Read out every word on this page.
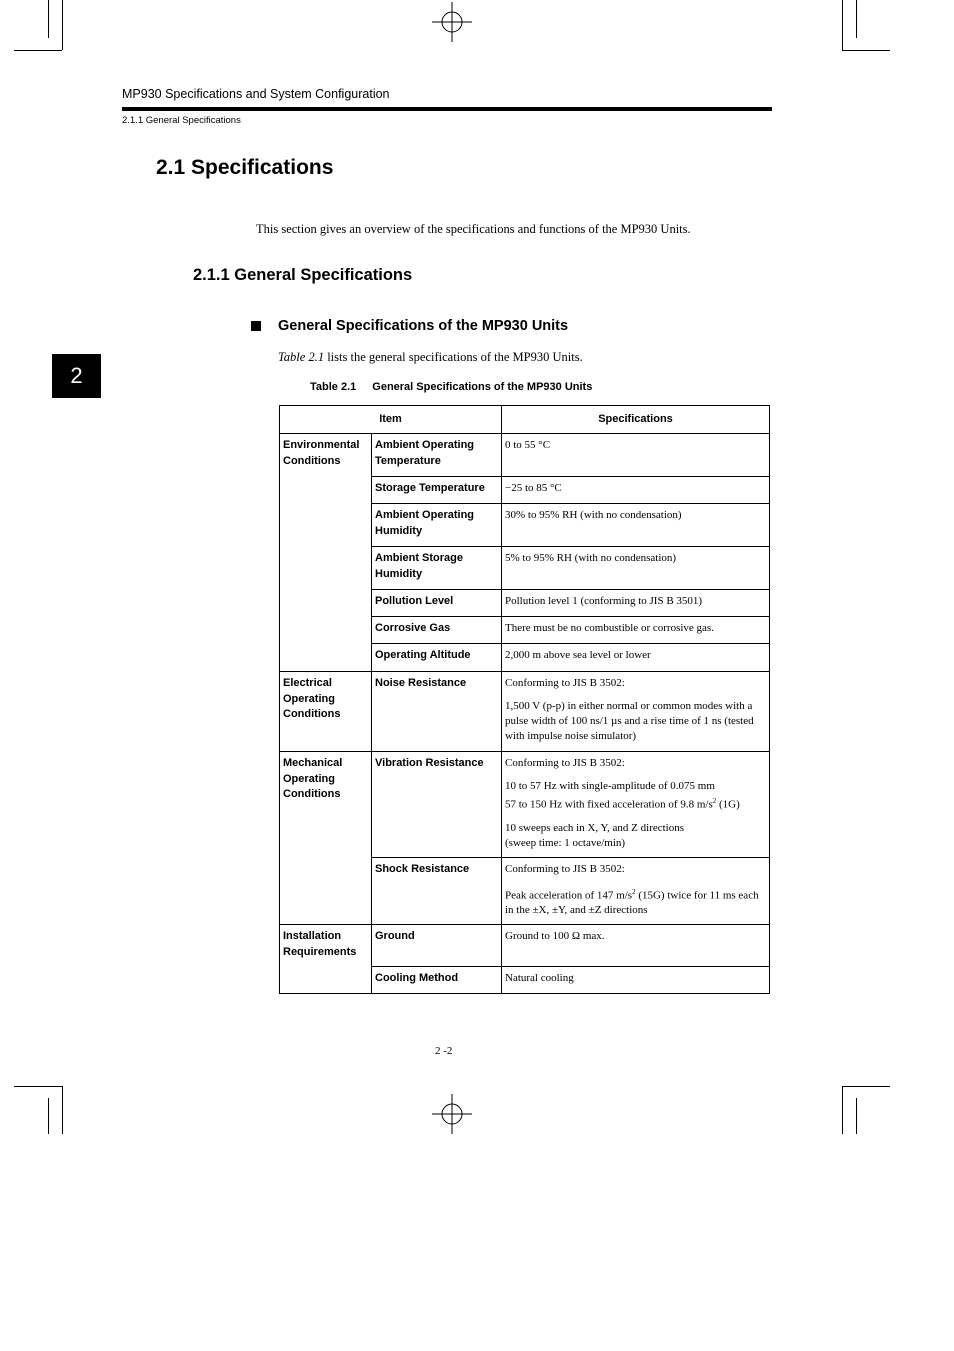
MP930 Specifications and System Configuration
2.1.1 General Specifications
2
2.1 Specifications
This section gives an overview of the specifications and functions of the MP930 Units.
2.1.1 General Specifications
General Specifications of the MP930 Units
Table 2.1 lists the general specifications of the MP930 Units.
Table 2.1 General Specifications of the MP930 Units
Item		Specifications
Environmental Conditions	Ambient Operating Temperature	0 to 55 °C

	Storage Temperature	−25 to 85 °C

	Ambient Operating Humidity	30% to 95% RH (with no condensation)

	Ambient Storage Humidity	5% to 95% RH (with no condensation)

	Pollution Level	Pollution level 1 (conforming to JIS B 3501)

	Corrosive Gas	There must be no combustible or corrosive gas.

	Operating Altitude	2,000 m above sea level or lower

Electrical Operating Conditions	Noise Resistance	Conforming to JIS B 3502:

1,500 V (p-p) in either normal or common modes with a pulse width of 100 ns/1 µs and a rise time of 1 ns (tested with impulse noise simulator)

Mechanical Operating Conditions	Vibration Resistance	Conforming to JIS B 3502:

10 to 57 Hz with single-amplitude of 0.075 mm
57 to 150 Hz with fixed acceleration of 9.8 $m/s^2$ (1G)

10 sweeps each in X, Y, and Z directions
(sweep time: 1 octave/min)

	Shock Resistance	Conforming to JIS B 3502:

Peak acceleration of 147 $m/s^2$ (15G) twice for 11 ms each in the ±X, ±Y, and ±Z directions

Installation Requirements	Ground	Ground to 100 Ω max.

	Cooling Method	Natural cooling

2 -2
